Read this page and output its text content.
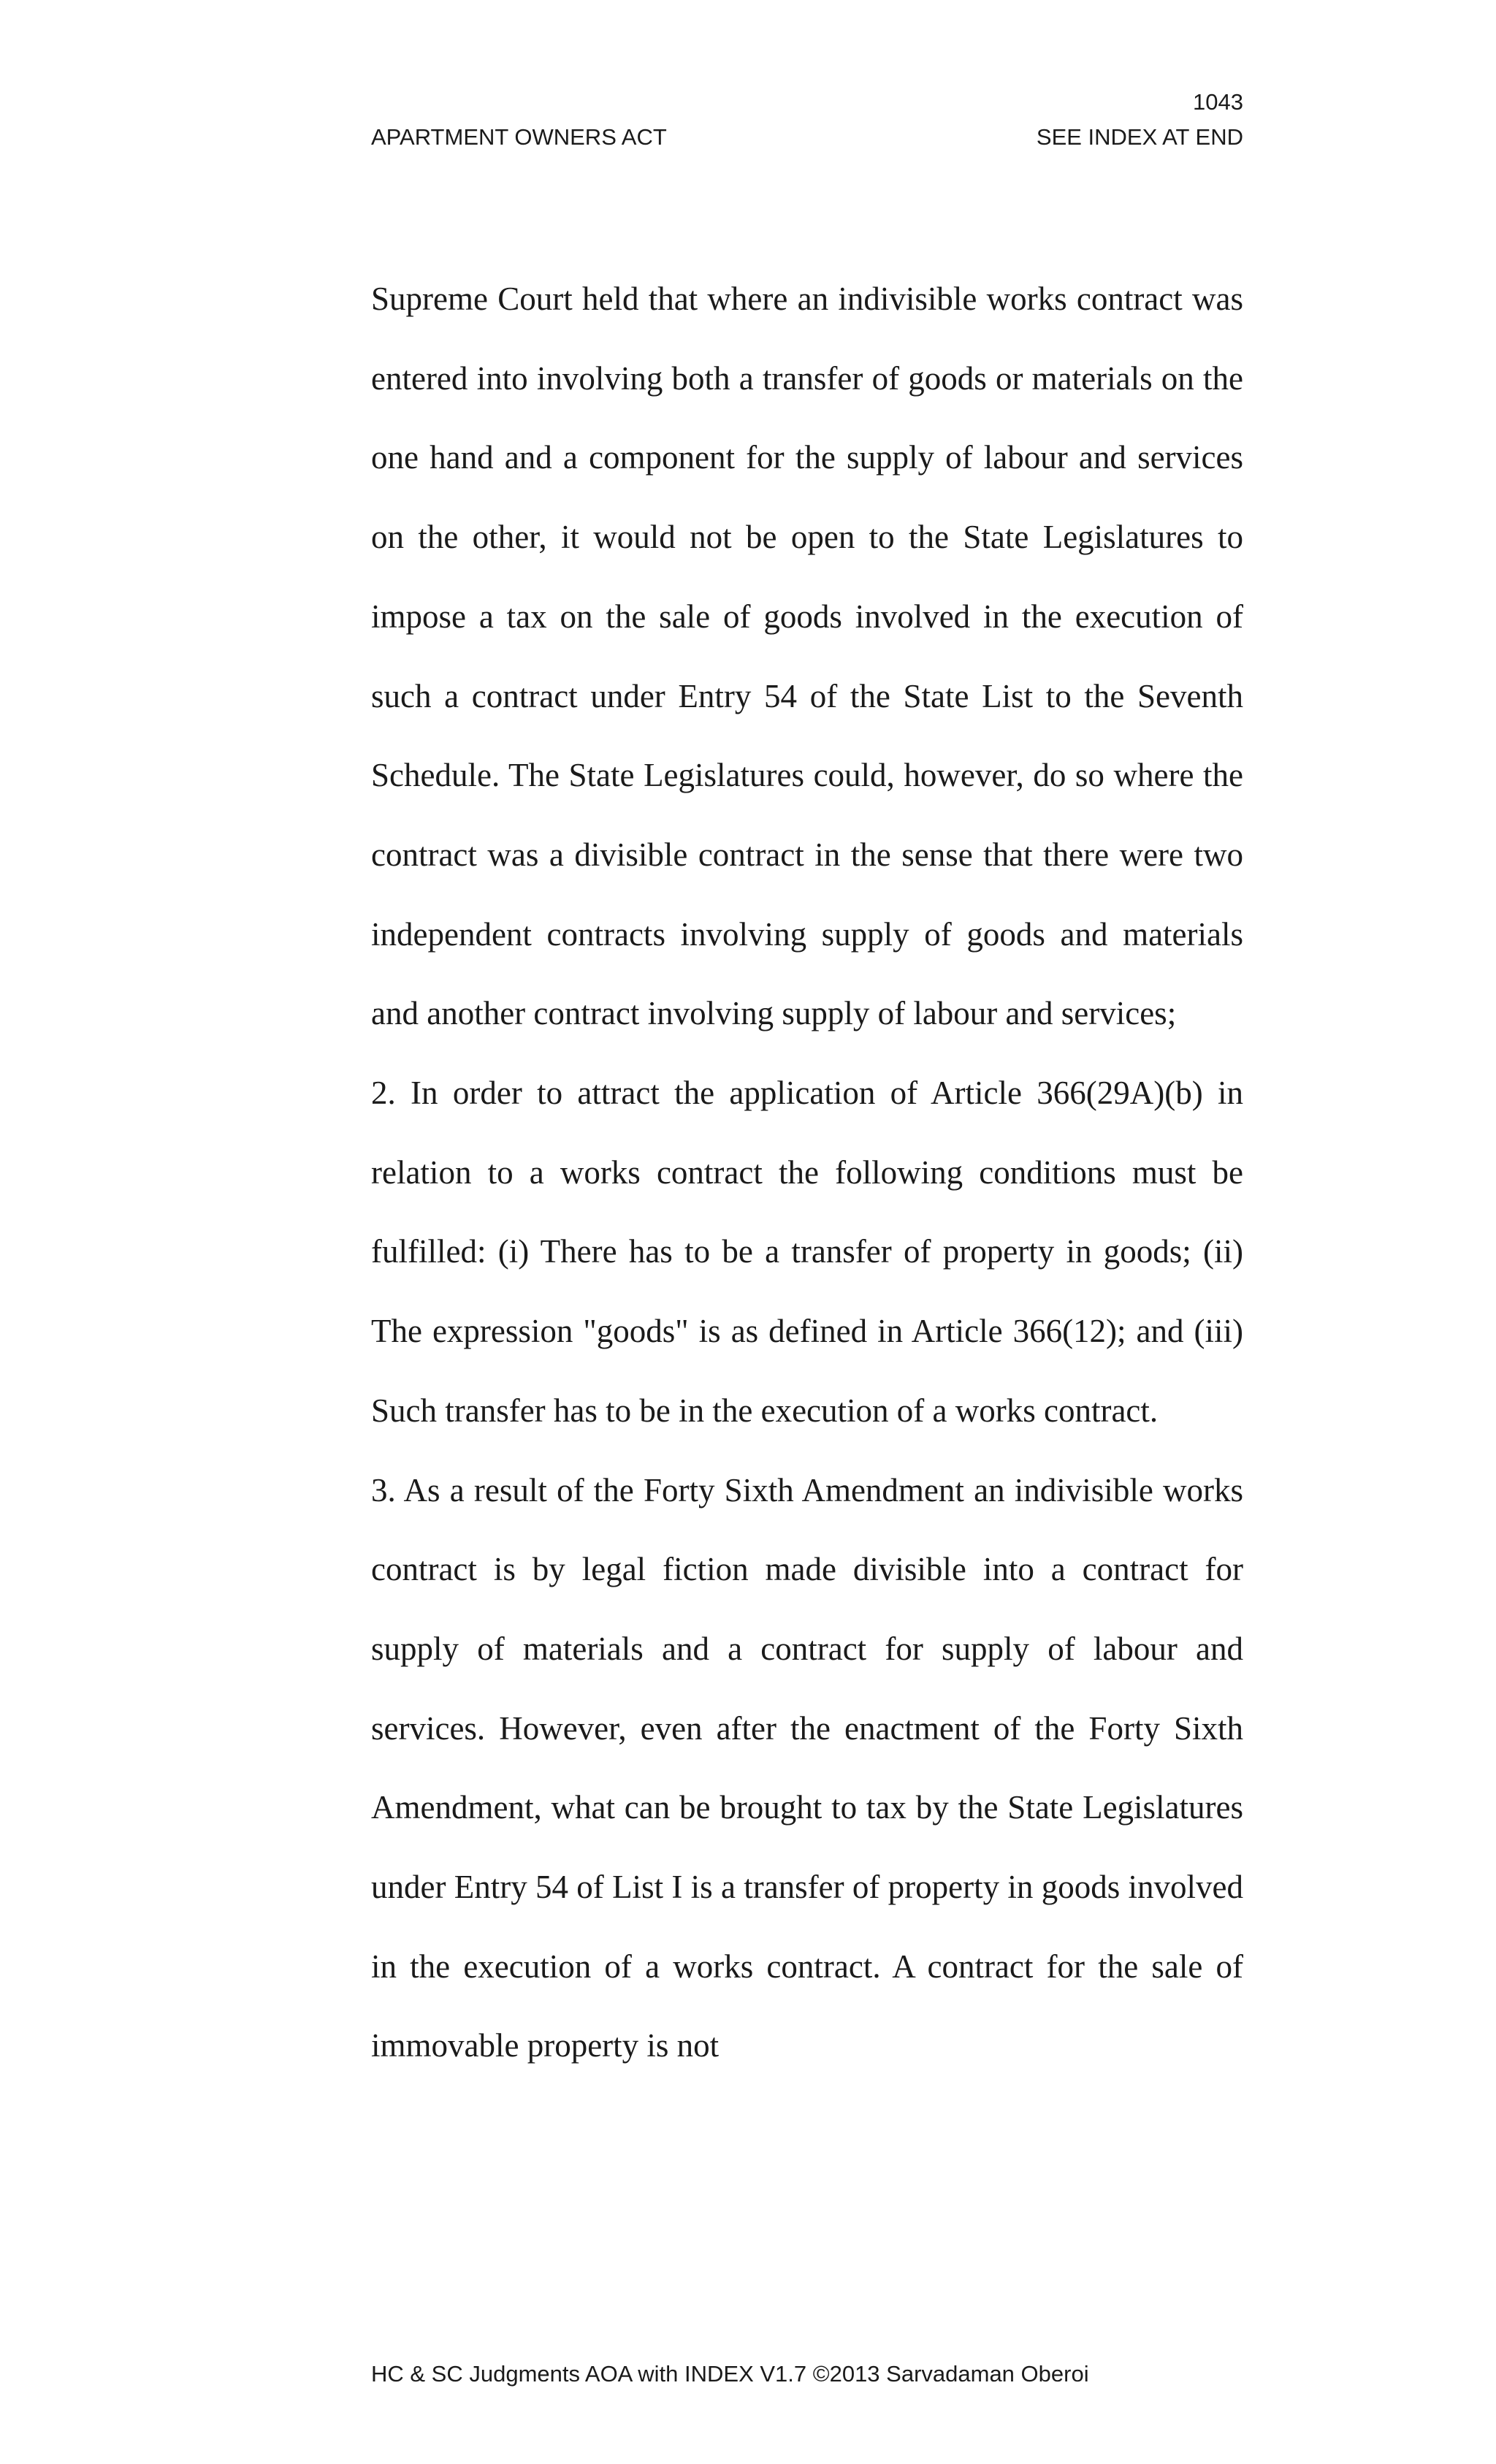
1043
APARTMENT OWNERS ACT	SEE INDEX AT END

Supreme Court held that where an indivisible works contract was entered into involving both a transfer of goods or materials on the one hand and a component for the supply of labour and services on the other, it would not be open to the State Legislatures to impose a tax on the sale of goods involved in the execution of such a contract under Entry 54 of the State List to the Seventh Schedule. The State Legislatures could, however, do so where the contract was a divisible contract in the sense that there were two independent contracts involving supply of goods and materials and another contract involving supply of labour and services;

2. In order to attract the application of Article 366(29A)(b) in relation to a works contract the following conditions must be fulfilled: (i) There has to be a transfer of property in goods; (ii) The expression "goods" is as defined in Article 366(12); and (iii) Such transfer has to be in the execution of a works contract.

3. As a result of the Forty Sixth Amendment an indivisible works contract is by legal fiction made divisible into a contract for supply of materials and a contract for supply of labour and services. However, even after the enactment of the Forty Sixth Amendment, what can be brought to tax by the State Legislatures under Entry 54 of List I is a transfer of property in goods involved in the execution of a works contract. A contract for the sale of immovable property is not

HC & SC Judgments AOA with INDEX V1.7 ©2013 Sarvadaman Oberoi
